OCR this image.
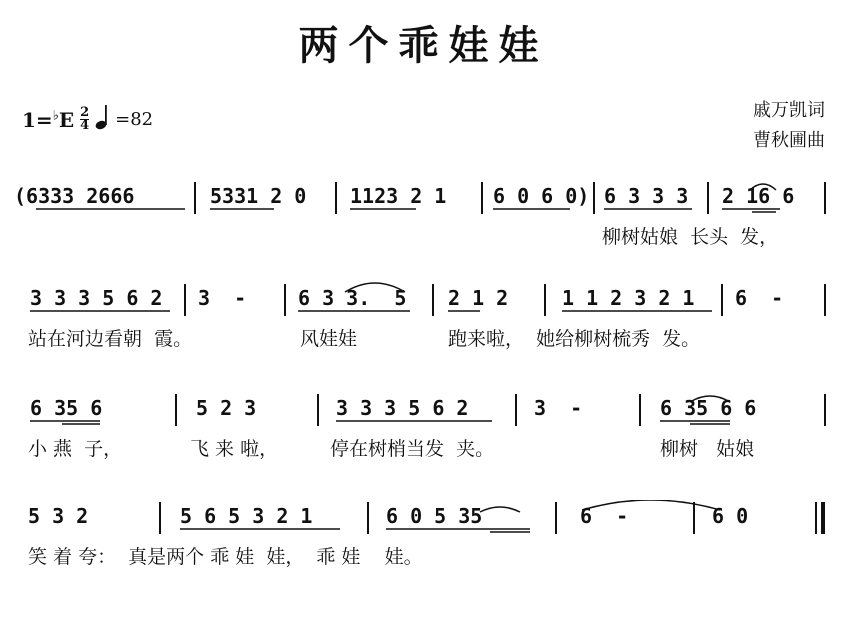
两个乖娃娃
$1=^♭E \frac{2}{4} =82$	戚万凯词
曹秋圃曲
(6333 2666	5331 2 0 1123 2 1 6 0 6 0) 6 3 3 3 2 16 6
柳树姑娘  长头  发，
3 3 3 5 6 2 3  -	6 3 3.  5 2 1 2	1 1 2 3 2 1 6  -
站在河边看朝  霞。	风娃娃	跑来啦，  她给柳树梳秀  发。
6 35 6	5 2 3	3 3 3 5 6 2	3  -	6 35 6 6
小 燕  子，	飞 来 啦，	停在树梢当发  夹。	柳树   姑娘
5 3 2	5 6 5 3 2 1	6 0 5 35	6  -	6 0
笑 着 夸：  真是两个 乖 娃  娃，  乖 娃    娃。
